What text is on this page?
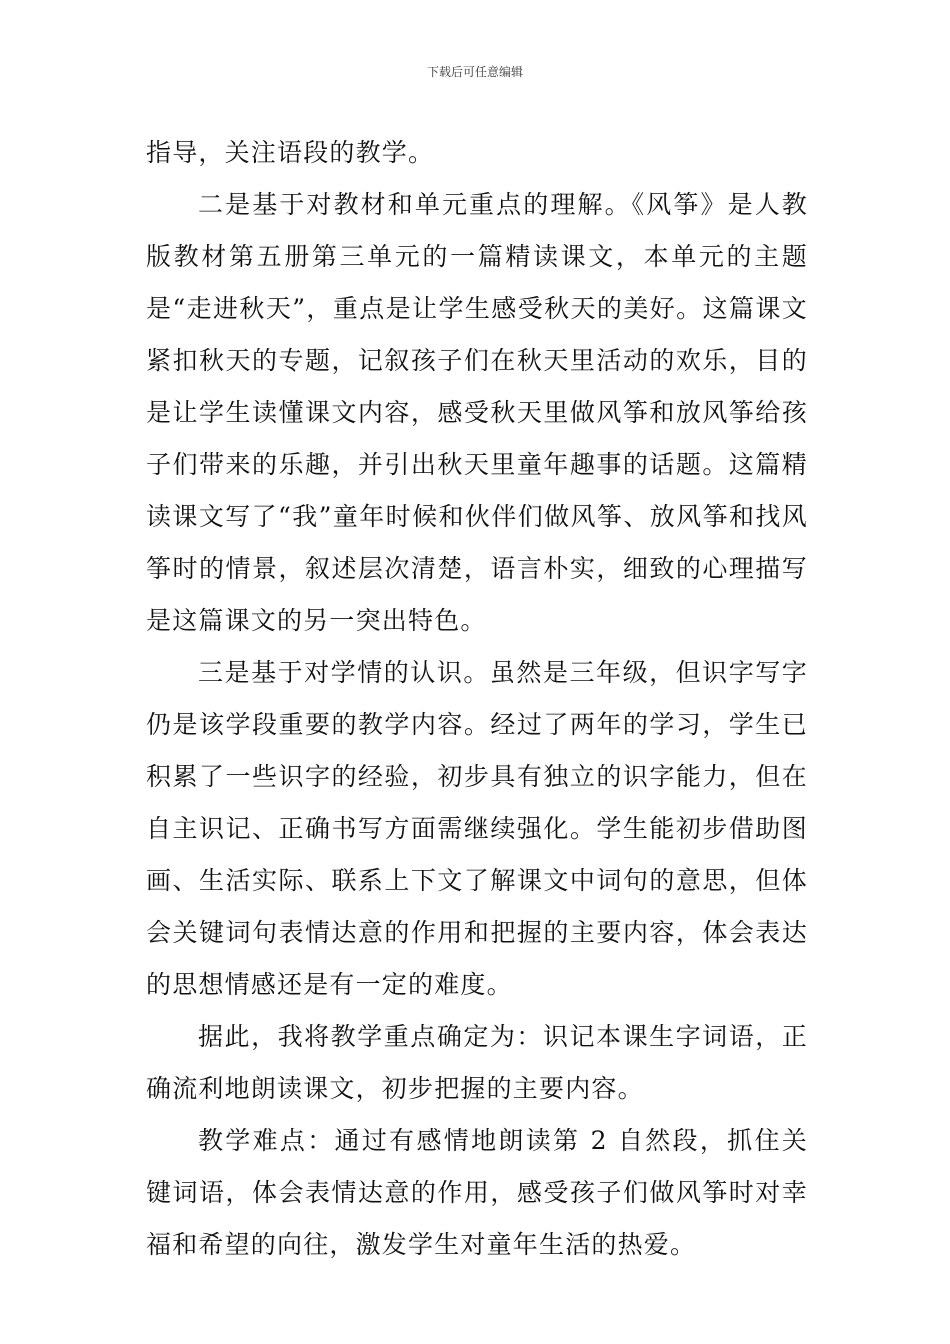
下载后可任意编辑

指导，关注语段的教学。

二是基于对教材和单元重点的理解。《风筝》是人教版教材第五册第三单元的一篇精读课文，本单元的主题是“走进秋天”，重点是让学生感受秋天的美好。这篇课文紧扣秋天的专题，记叙孩子们在秋天里活动的欢乐，目的是让学生读懂课文内容，感受秋天里做风筝和放风筝给孩子们带来的乐趣，并引出秋天里童年趣事的话题。这篇精读课文写了“我”童年时候和伙伴们做风筝、放风筝和找风筝时的情景，叙述层次清楚，语言朴实，细致的心理描写是这篇课文的另一突出特色。

三是基于对学情的认识。虽然是三年级，但识字写字仍是该学段重要的教学内容。经过了两年的学习，学生已积累了一些识字的经验，初步具有独立的识字能力，但在自主识记、正确书写方面需继续强化。学生能初步借助图画、生活实际、联系上下文了解课文中词句的意思，但体会关键词句表情达意的作用和把握的主要内容，体会表达的思想情感还是有一定的难度。

据此，我将教学重点确定为：识记本课生字词语，正确流利地朗读课文，初步把握的主要内容。

教学难点：通过有感情地朗读第 2 自然段，抓住关键词语，体会表情达意的作用，感受孩子们做风筝时对幸福和希望的向往，激发学生对童年生活的热爱。
